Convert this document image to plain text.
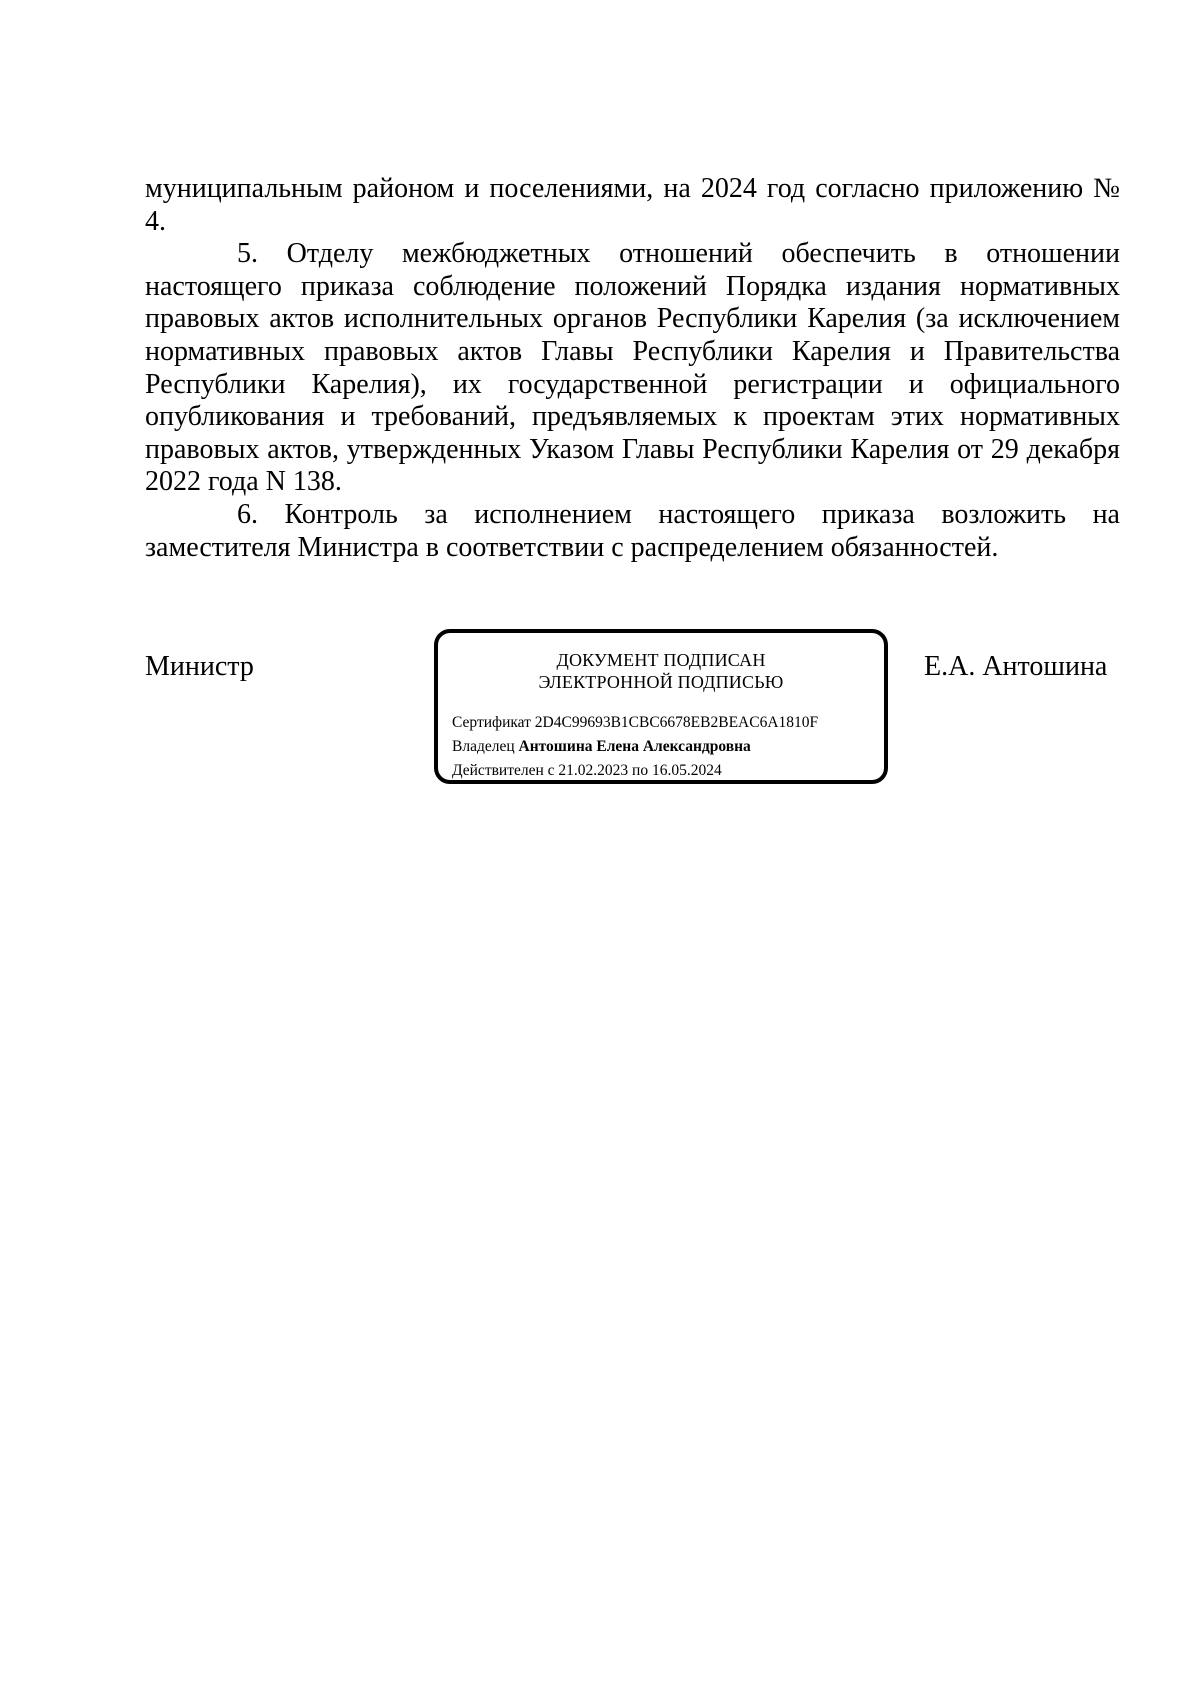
муниципальным районом и поселениями, на 2024 год согласно приложению № 4.

5. Отделу межбюджетных отношений обеспечить в отношении настоящего приказа соблюдение положений Порядка издания нормативных правовых актов исполнительных органов Республики Карелия (за исключением нормативных правовых актов Главы Республики Карелия и Правительства Республики Карелия), их государственной регистрации и официального опубликования и требований, предъявляемых к проектам этих нормативных правовых актов, утвержденных Указом Главы Республики Карелия от 29 декабря 2022 года N 138.

6. Контроль за исполнением настоящего приказа возложить на заместителя Министра в соответствии с распределением обязанностей.

Министр	ДОКУМЕНТ ПОДПИСАН
ЭЛЕКТРОННОЙ ПОДПИСЬЮ
Сертификат 2D4C99693B1CBC6678EB2BEAC6A1810F
Владелец Антошина Елена Александровна
Действителен с 21.02.2023 по 16.05.2024
Е.А. Антошина
